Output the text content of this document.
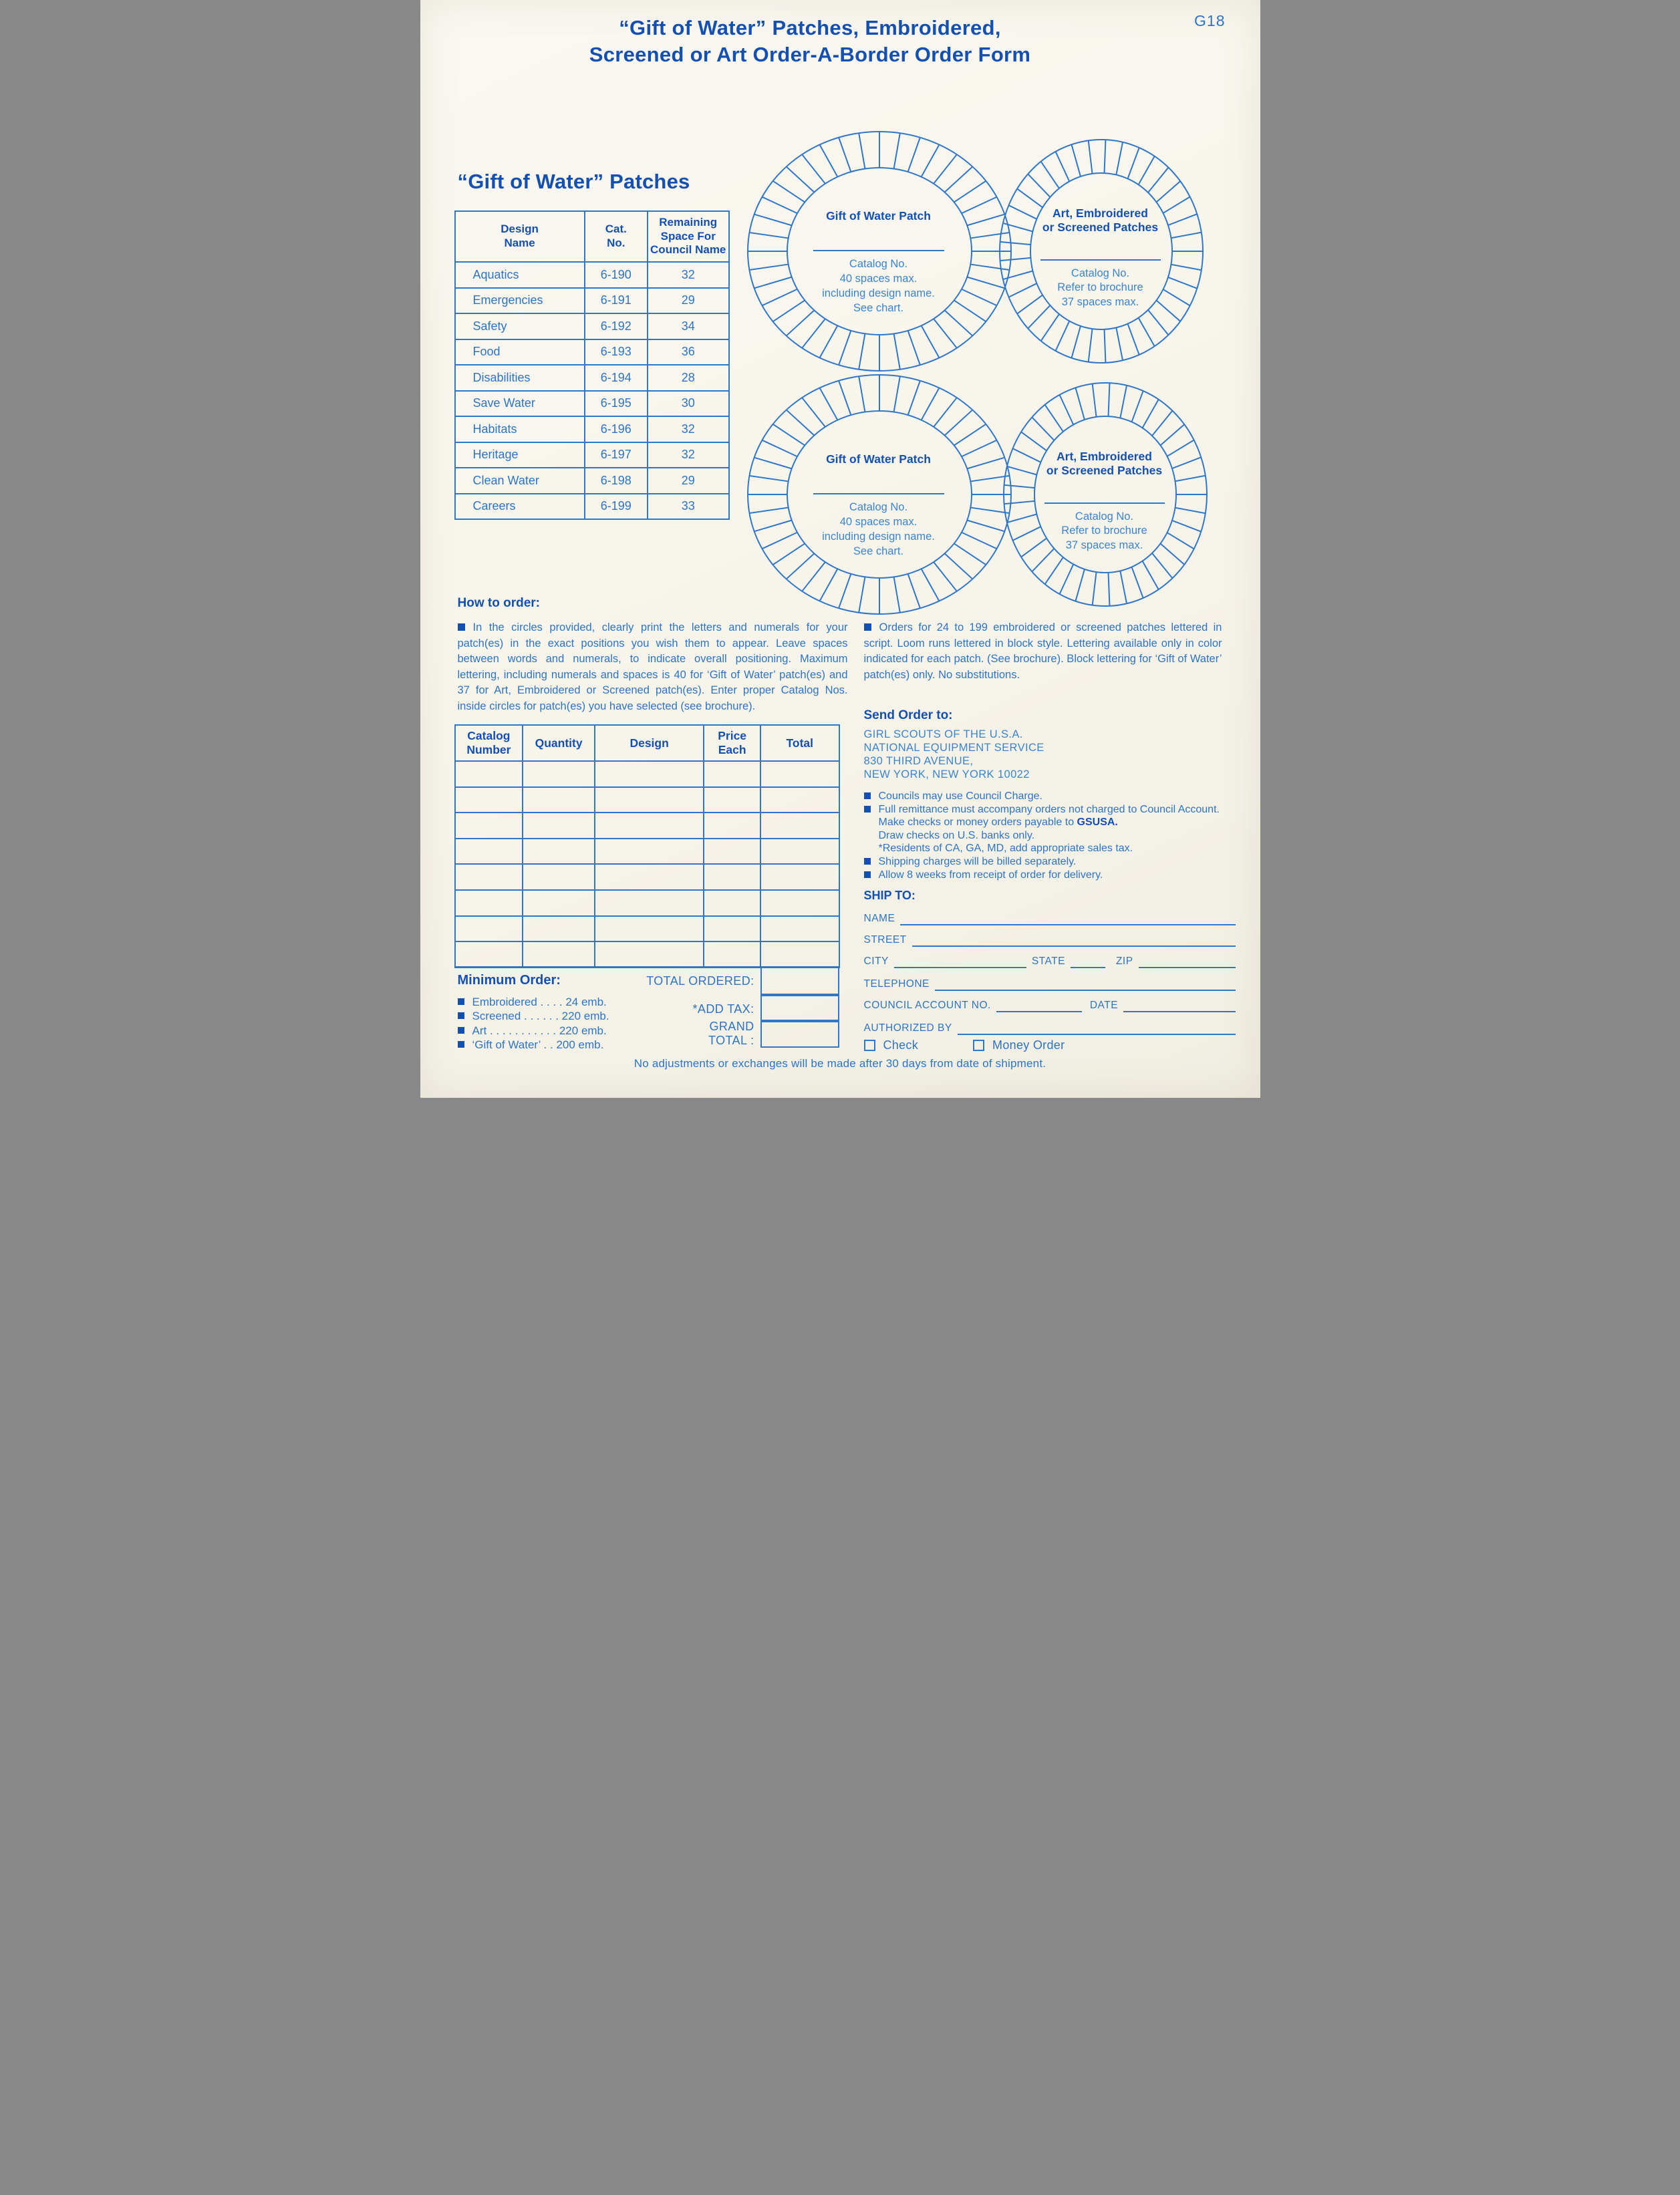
G18
“Gift of Water” Patches, Embroidered,
Screened or Art Order-A-Border Order Form
“Gift of Water” Patches
Design
Name

Cat.
No.

Remaining
Space For
Council Name

Aquatics	6-190	32
Emergencies	6-191	29
Safety	6-192	34
Food	6-193	36
Disabilities	6-194	28
Save Water	6-195	30
Habitats	6-196	32
Heritage	6-197	32
Clean Water	6-198	29
Careers	6-199	33
Gift of Water Patch
Catalog No.
40 spaces max.
including design name.
See chart.
Art, Embroidered
or Screened Patches
Catalog No.
Refer to brochure
37 spaces max.
Gift of Water Patch
Catalog No.
40 spaces max.
including design name.
See chart.
Art, Embroidered
or Screened Patches
Catalog No.
Refer to brochure
37 spaces max.
How to order:
In the circles provided, clearly print the letters and numerals for your patch(es) in the exact positions you wish them to appear. Leave spaces between words and numerals, to indicate overall positioning. Maximum lettering, including numerals and spaces is 40 for ‘Gift of Water’ patch(es) and 37 for Art, Embroidered or Screened patch(es). Enter proper Catalog Nos. inside circles for patch(es) you have selected (see brochure).
Orders for 24 to 199 embroidered or screened patches lettered in script. Loom runs lettered in block style. Lettering available only in color indicated for each patch. (See brochure). Block lettering for ‘Gift of Water’ patch(es) only. No substitutions.
Catalog
Number

Quantity	Design

Price
Each

Total

TOTAL ORDERED:
*ADD TAX:
GRAND
TOTAL :
Minimum Order:
Embroidered . . . . 24 emb.
Screened . . . . . . 220 emb.
Art . . . . . . . . . . . 220 emb.
‘Gift of Water’ . . 200 emb.
Send Order to:
GIRL SCOUTS OF THE U.S.A.
NATIONAL EQUIPMENT SERVICE
830 THIRD AVENUE,
NEW YORK, NEW YORK 10022
Councils may use Council Charge.
Full remittance must accompany orders not charged to Council Account.
Make checks or money orders payable to GSUSA.
Draw checks on U.S. banks only.
*Residents of CA, GA, MD, add appropriate sales tax.
Shipping charges will be billed separately.
Allow 8 weeks from receipt of order for delivery.
SHIP TO:
NAME
STREET
CITY	STATE	ZIP
TELEPHONE
COUNCIL ACCOUNT NO.	DATE
AUTHORIZED BY
Check	Money Order
No adjustments or exchanges will be made after 30 days from date of shipment.
